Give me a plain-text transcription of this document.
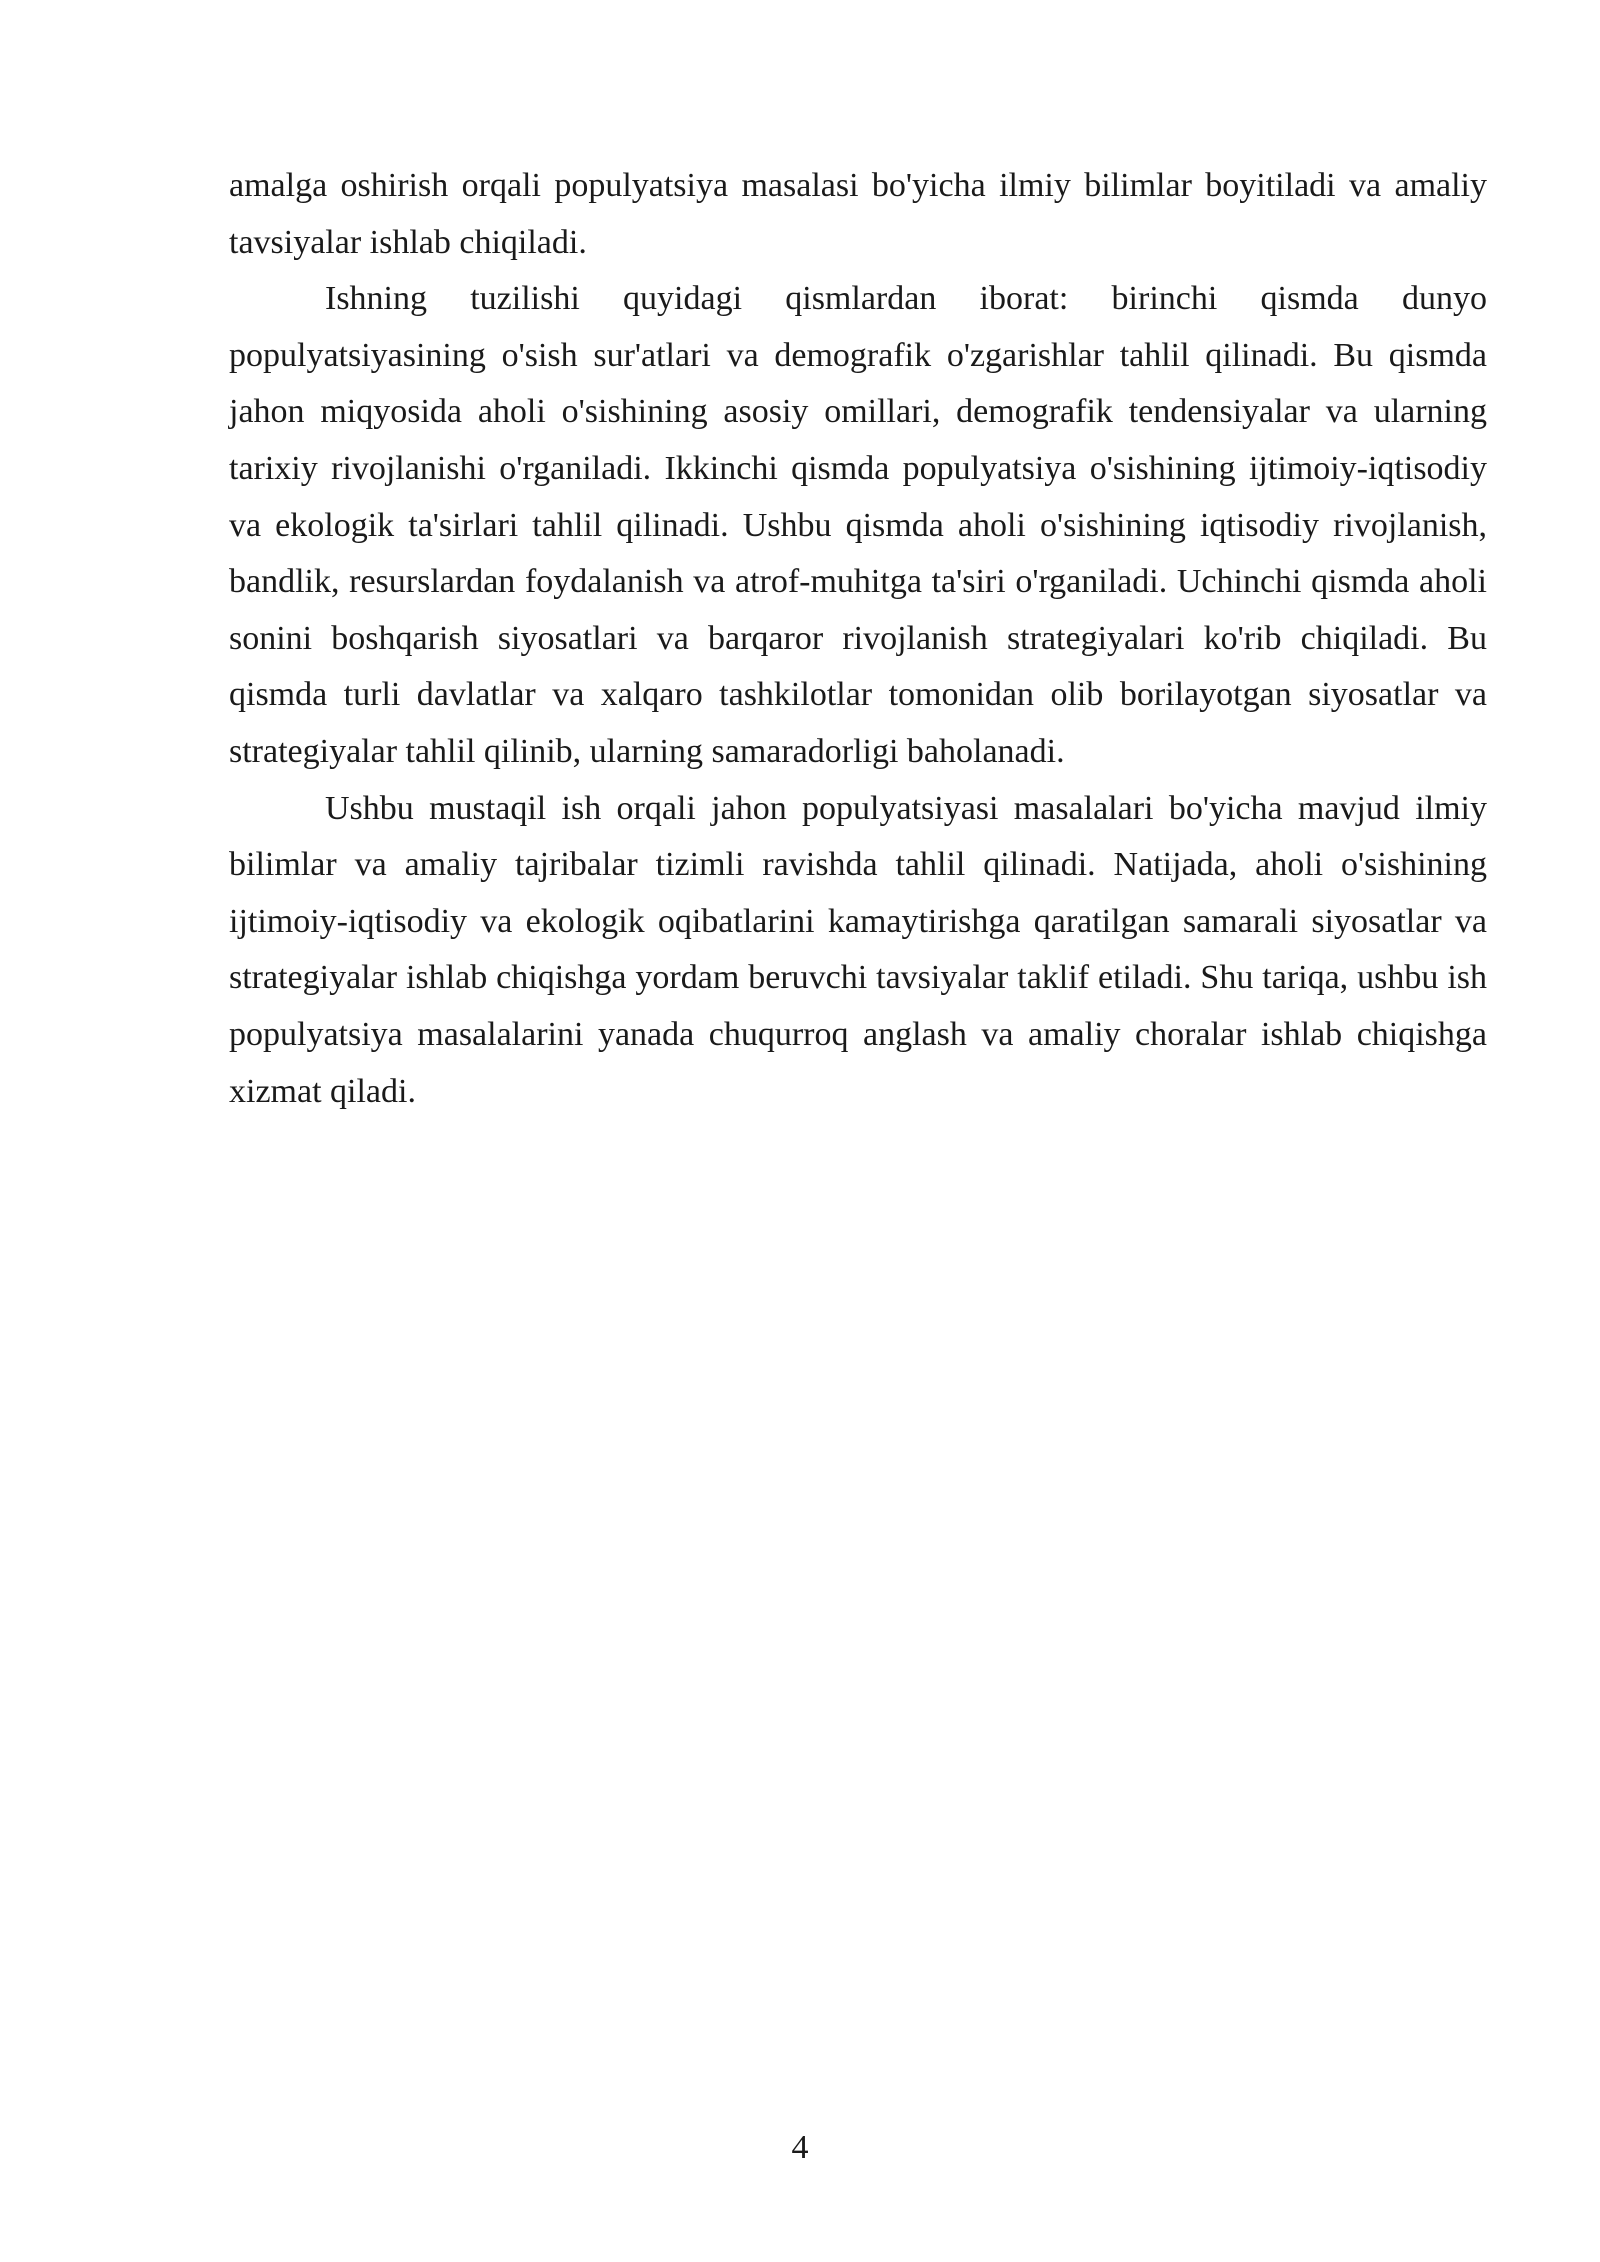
amalga oshirish orqali populyatsiya masalasi bo'yicha ilmiy bilimlar boyitiladi va amaliy tavsiyalar ishlab chiqiladi.

Ishning tuzilishi quyidagi qismlardan iborat: birinchi qismda dunyo populyatsiyasining o'sish sur'atlari va demografik o'zgarishlar tahlil qilinadi. Bu qismda jahon miqyosida aholi o'sishining asosiy omillari, demografik tendensiyalar va ularning tarixiy rivojlanishi o'rganiladi. Ikkinchi qismda populyatsiya o'sishining ijtimoiy-iqtisodiy va ekologik ta'sirlari tahlil qilinadi. Ushbu qismda aholi o'sishining iqtisodiy rivojlanish, bandlik, resurslardan foydalanish va atrof-muhitga ta'siri o'rganiladi. Uchinchi qismda aholi sonini boshqarish siyosatlari va barqaror rivojlanish strategiyalari ko'rib chiqiladi. Bu qismda turli davlatlar va xalqaro tashkilotlar tomonidan olib borilayotgan siyosatlar va strategiyalar tahlil qilinib, ularning samaradorligi baholanadi.

Ushbu mustaqil ish orqali jahon populyatsiyasi masalalari bo'yicha mavjud ilmiy bilimlar va amaliy tajribalar tizimli ravishda tahlil qilinadi. Natijada, aholi o'sishining ijtimoiy-iqtisodiy va ekologik oqibatlarini kamaytirishga qaratilgan samarali siyosatlar va strategiyalar ishlab chiqishga yordam beruvchi tavsiyalar taklif etiladi. Shu tariqa, ushbu ish populyatsiya masalalarini yanada chuqurroq anglash va amaliy choralar ishlab chiqishga xizmat qiladi.

4
